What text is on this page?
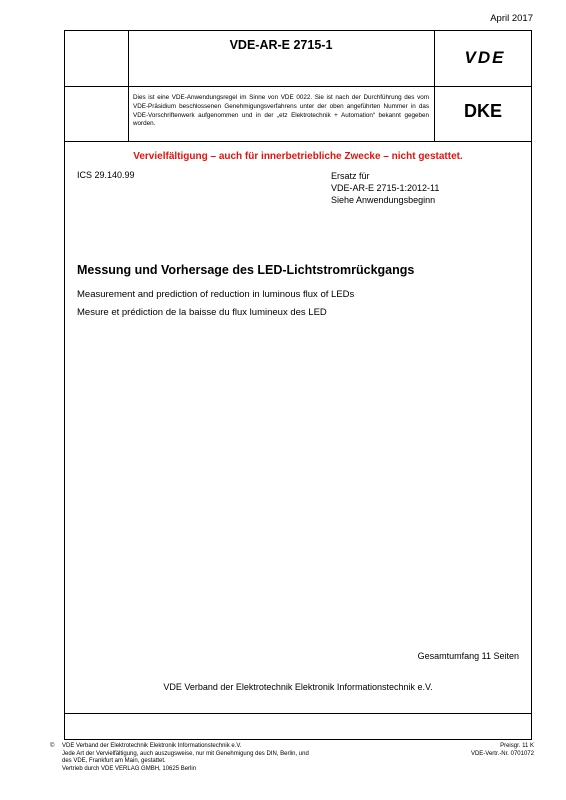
April 2017
VDE-AR-E 2715-1
VDE
Dies ist eine VDE-Anwendungsregel im Sinne von VDE 0022. Sie ist nach der Durchführung des vom VDE-Präsidium beschlossenen Genehmigungsverfahrens unter der oben angeführten Nummer in das VDE-Vorschriftenwerk aufgenommen und in der „etz Elektrotechnik + Automation“ bekannt gegeben worden.
DKE
Vervielfältigung – auch für innerbetriebliche Zwecke – nicht gestattet.
ICS 29.140.99	Ersatz für
VDE-AR-E 2715-1:2012-11
Siehe Anwendungsbeginn
Messung und Vorhersage des LED-Lichtstromrückgangs
Measurement and prediction of reduction in luminous flux of LEDs
Mesure et prédiction de la baisse du flux lumineux des LED
Gesamtumfang 11 Seiten
VDE Verband der Elektrotechnik Elektronik Informationstechnik e.V.
© VDE Verband der Elektrotechnik Elektronik Informationstechnik e.V.
Jede Art der Vervielfältigung, auch auszugsweise, nur mit Genehmigung des DIN, Berlin, und
des VDE, Frankfurt am Main, gestattet.
Vertrieb durch VDE VERLAG GMBH, 10625 Berlin
Preisgr. 11 K
VDE-Vertr.-Nr. 0701072
